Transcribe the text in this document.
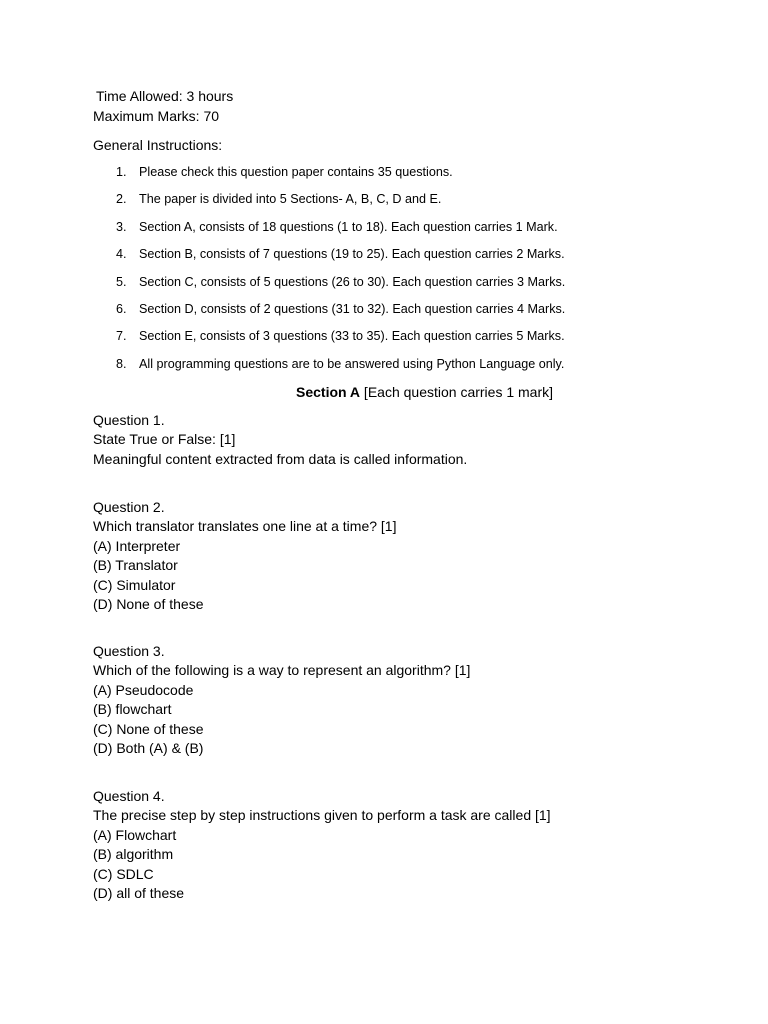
Time Allowed: 3 hours
Maximum Marks: 70
General Instructions:
1. Please check this question paper contains 35 questions.
2. The paper is divided into 5 Sections- A, B, C, D and E.
3. Section A, consists of 18 questions (1 to 18). Each question carries 1 Mark.
4. Section B, consists of 7 questions (19 to 25). Each question carries 2 Marks.
5. Section C, consists of 5 questions (26 to 30). Each question carries 3 Marks.
6. Section D, consists of 2 questions (31 to 32). Each question carries 4 Marks.
7. Section E, consists of 3 questions (33 to 35). Each question carries 5 Marks.
8. All programming questions are to be answered using Python Language only.
Section A [Each question carries 1 mark]
Question 1.
State True or False: [1]
Meaningful content extracted from data is called information.
Question 2.
Which translator translates one line at a time? [1]
(A) Interpreter
(B) Translator
(C) Simulator
(D) None of these
Question 3.
Which of the following is a way to represent an algorithm? [1]
(A) Pseudocode
(B) flowchart
(C) None of these
(D) Both (A) & (B)
Question 4.
The precise step by step instructions given to perform a task are called [1]
(A) Flowchart
(B) algorithm
(C) SDLC
(D) all of these
